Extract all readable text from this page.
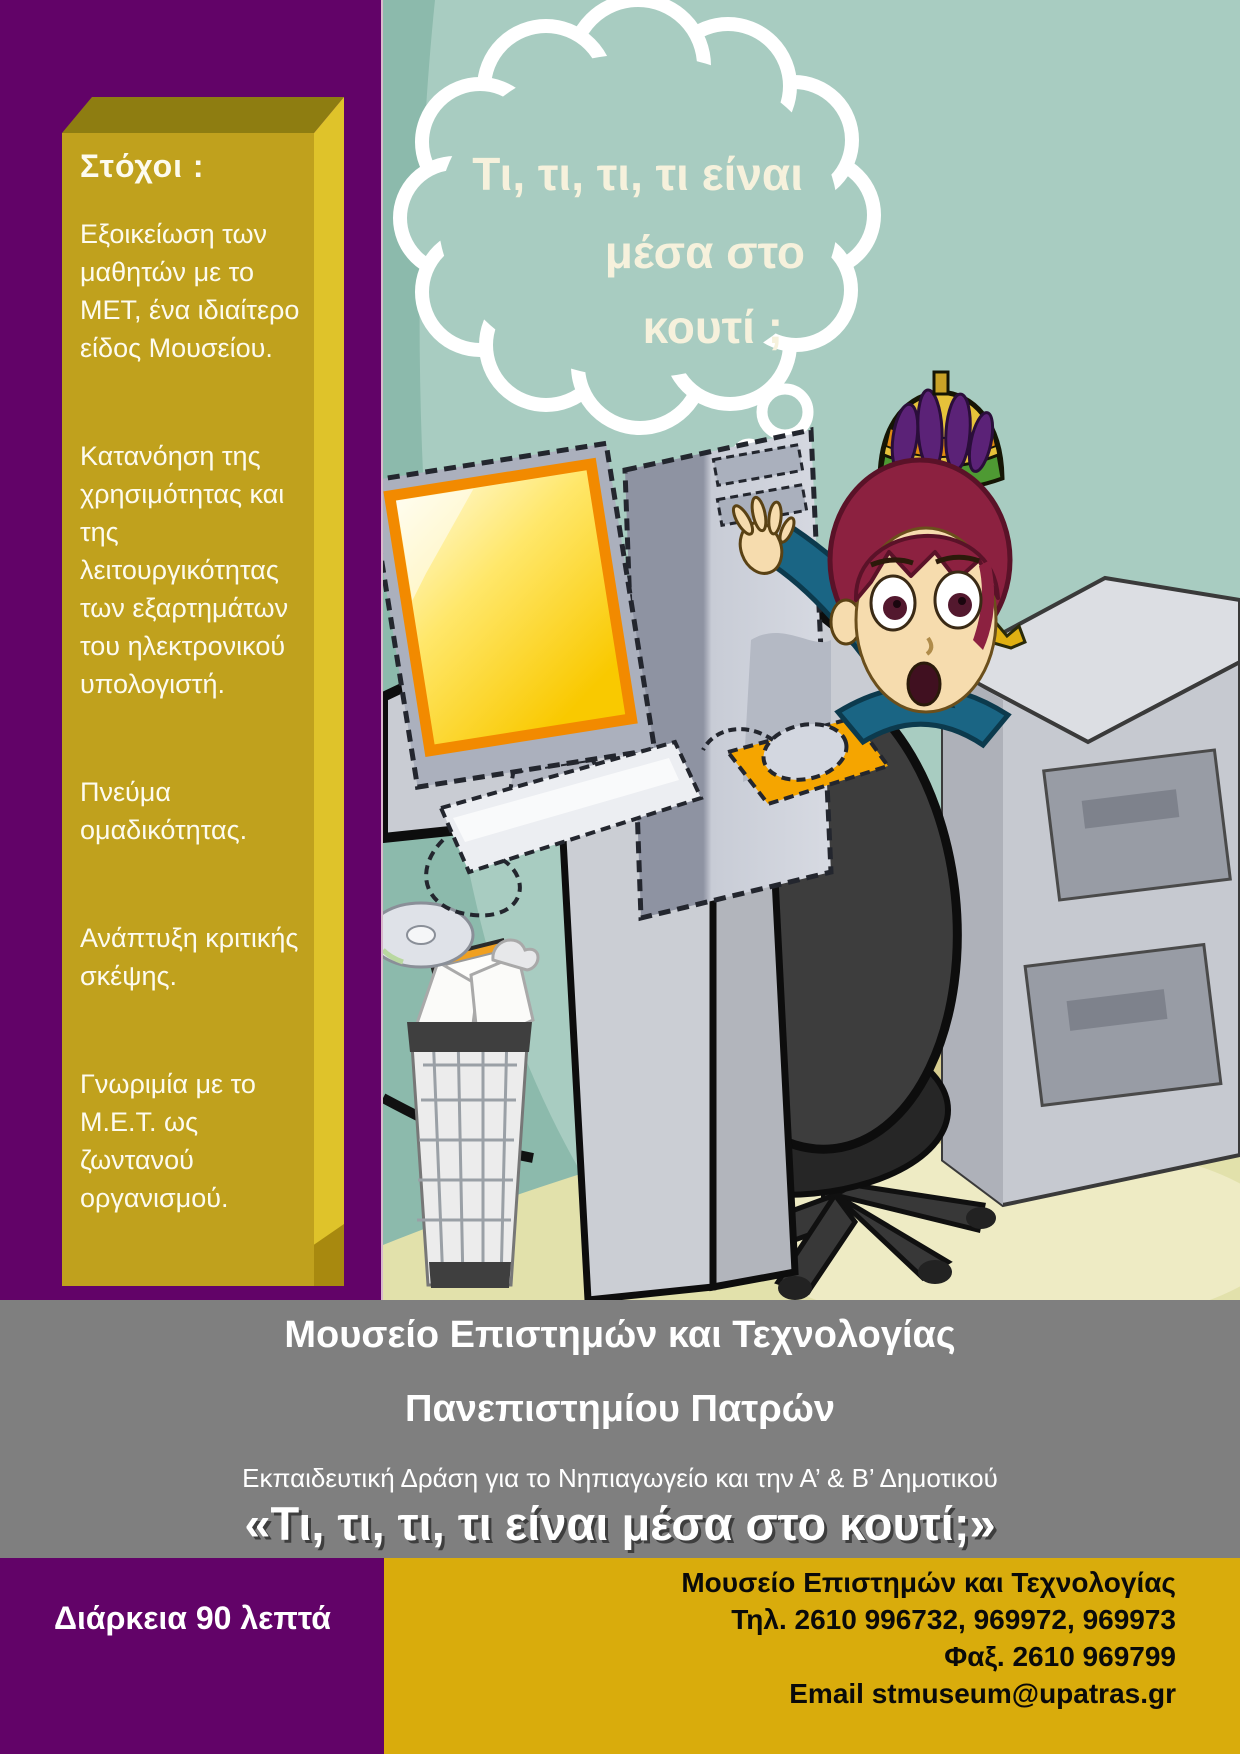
Τι, τι, τι, τι είναι
μέσα στο
κουτί ;
Στόχοι :

Εξοικείωση των μαθητών με το ΜΕΤ, ένα ιδιαίτερο είδος Μουσείου.

Κατανόηση της χρησιμότητας και της λειτουργικότητας των εξαρτημάτων του ηλεκτρονικού υπολογιστή.

Πνεύμα ομαδικότητας.

Ανάπτυξη κριτικής σκέψης.

Γνωριμία με το Μ.Ε.Τ. ως ζωντανού οργανισμού.

Μουσείο Επιστημών και Τεχνολογίας
Πανεπιστημίου Πατρών
Εκπαιδευτική Δράση για το Νηπιαγωγείο και την Α’ & Β’ Δημοτικού
«Τι, τι, τι, τι είναι μέσα στο κουτί;»
Διάρκεια 90 λεπτά
Μουσείο Επιστημών και Τεχνολογίας
Τηλ. 2610 996732, 969972, 969973
Φαξ. 2610 969799
Email stmuseum@upatras.gr
